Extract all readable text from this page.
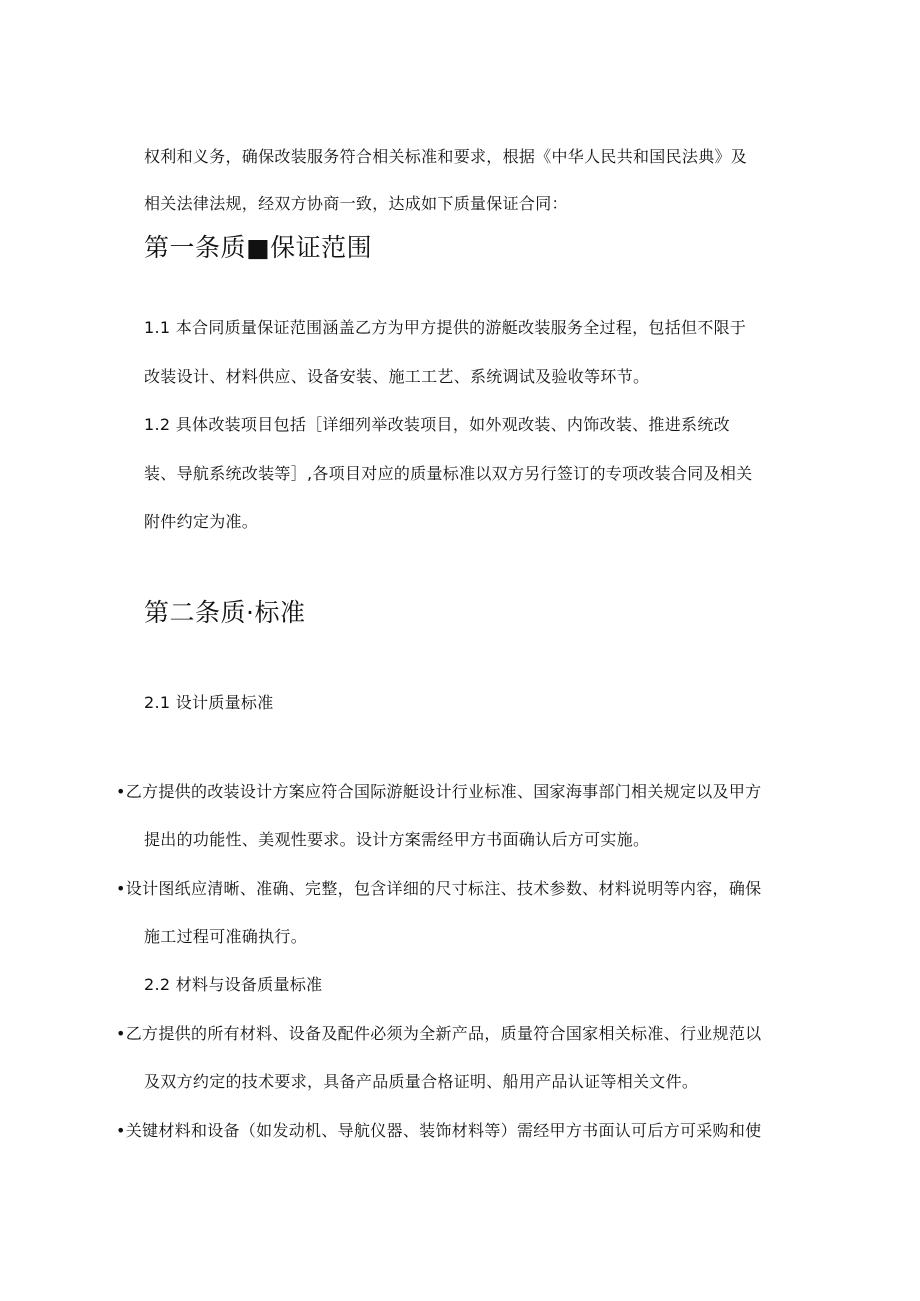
权利和义务，确保改装服务符合相关标准和要求，根据《中华人民共和国民法典》及
相关法律法规，经双方协商一致，达成如下质量保证合同：
第一条质■保证范围
1.1 本合同质量保证范围涵盖乙方为甲方提供的游艇改装服务全过程，包括但不限于
改装设计、材料供应、设备安装、施工工艺、系统调试及验收等环节。
1.2 具体改装项目包括［详细列举改装项目，如外观改装、内饰改装、推进系统改
装、导航系统改装等］,各项目对应的质量标准以双方另行签订的专项改装合同及相关
附件约定为准。
第二条质·标准
2.1 设计质量标准
•乙方提供的改装设计方案应符合国际游艇设计行业标准、国家海事部门相关规定以及甲方
提出的功能性、美观性要求。设计方案需经甲方书面确认后方可实施。
•设计图纸应清晰、准确、完整，包含详细的尺寸标注、技术参数、材料说明等内容，确保
施工过程可准确执行。
2.2 材料与设备质量标准
•乙方提供的所有材料、设备及配件必须为全新产品，质量符合国家相关标准、行业规范以
及双方约定的技术要求，具备产品质量合格证明、船用产品认证等相关文件。
•关键材料和设备（如发动机、导航仪器、装饰材料等）需经甲方书面认可后方可采购和使
